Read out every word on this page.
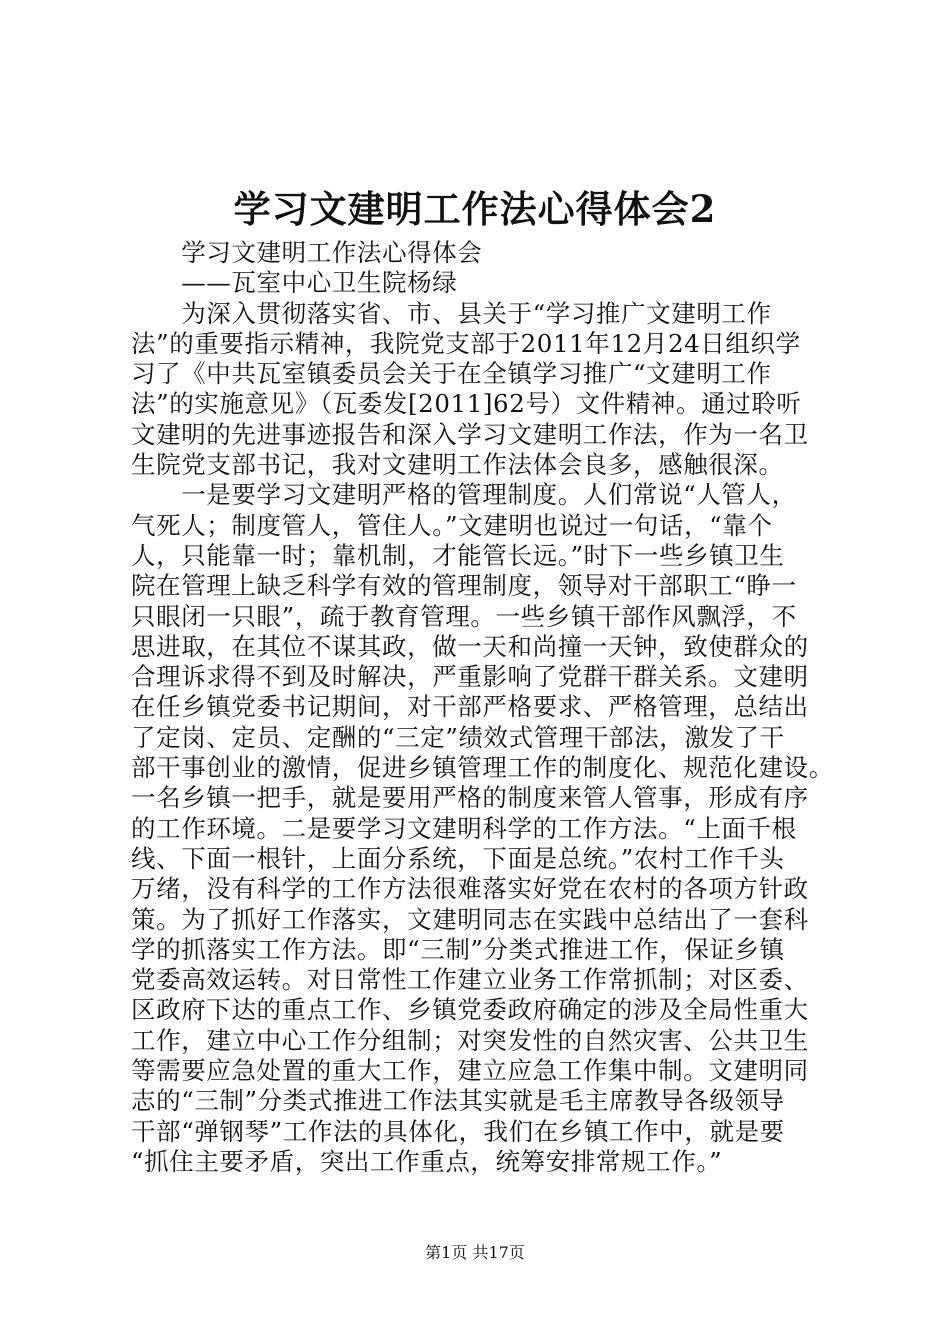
学习文建明工作法心得体会2
　　学习文建明工作法心得体会
　　——瓦室中心卫生院杨绿
　　为深入贯彻落实省、市、县关于“学习推广文建明工作
法”的重要指示精神，我院党支部于2011年12月24日组织学
习了《中共瓦室镇委员会关于在全镇学习推广“文建明工作
法”的实施意见》（瓦委发[2011]62号）文件精神。通过聆听
文建明的先进事迹报告和深入学习文建明工作法，作为一名卫
生院党支部书记，我对文建明工作法体会良多，感触很深。
　　一是要学习文建明严格的管理制度。人们常说“人管人，
气死人；制度管人，管住人。”文建明也说过一句话，“靠个
人，只能靠一时；靠机制，才能管长远。”时下一些乡镇卫生
院在管理上缺乏科学有效的管理制度，领导对干部职工“睁一
只眼闭一只眼”，疏于教育管理。一些乡镇干部作风飘浮，不
思进取，在其位不谋其政，做一天和尚撞一天钟，致使群众的
合理诉求得不到及时解决，严重影响了党群干群关系。文建明
在任乡镇党委书记期间，对干部严格要求、严格管理，总结出
了定岗、定员、定酬的“三定”绩效式管理干部法，激发了干
部干事创业的激情，促进乡镇管理工作的制度化、规范化建设。
一名乡镇一把手，就是要用严格的制度来管人管事，形成有序
的工作环境。二是要学习文建明科学的工作方法。“上面千根
线、下面一根针，上面分系统，下面是总统。”农村工作千头
万绪，没有科学的工作方法很难落实好党在农村的各项方针政
策。为了抓好工作落实，文建明同志在实践中总结出了一套科
学的抓落实工作方法。即“三制”分类式推进工作，保证乡镇
党委高效运转。对日常性工作建立业务工作常抓制；对区委、
区政府下达的重点工作、乡镇党委政府确定的涉及全局性重大
工作，建立中心工作分组制；对突发性的自然灾害、公共卫生
等需要应急处置的重大工作，建立应急工作集中制。文建明同
志的“三制”分类式推进工作法其实就是毛主席教导各级领导
干部“弹钢琴”工作法的具体化，我们在乡镇工作中，就是要
“抓住主要矛盾，突出工作重点，统筹安排常规工作。”
第1页 共17页
